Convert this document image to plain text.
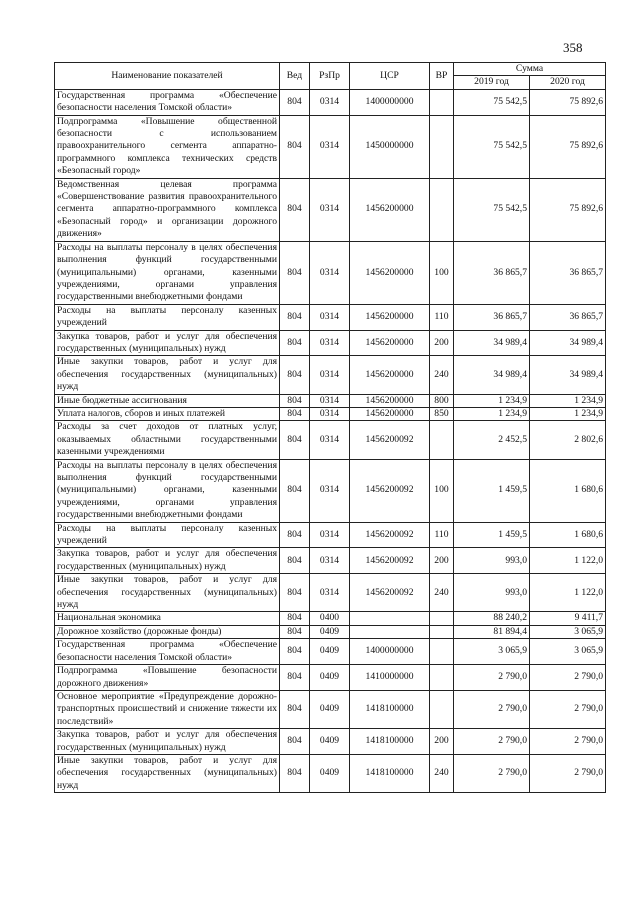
358
Наименование показателей	Вед	РзПр	ЦСР	ВР	Сумма	
					2019 год	2020 год
Государственная программа «Обеспечение безопасности населения Томской области»	804	0314	1400000000		75 542,5	75 892,6
Подпрограмма «Повышение общественной безопасности с использованием правоохранительного сегмента аппаратно-программного комплекса технических средств «Безопасный город»	804	0314	1450000000		75 542,5	75 892,6
Ведомственная целевая программа «Совершенствование развития правоохранительного сегмента аппаратно-программного комплекса «Безопасный город» и организации дорожного движения»	804	0314	1456200000		75 542,5	75 892,6
Расходы на выплаты персоналу в целях обеспечения выполнения функций государственными (муниципальными) органами, казенными учреждениями, органами управления государственными внебюджетными фондами	804	0314	1456200000	100	36 865,7	36 865,7
Расходы на выплаты персоналу казенных учреждений	804	0314	1456200000	110	36 865,7	36 865,7
Закупка товаров, работ и услуг для обеспечения государственных (муниципальных) нужд	804	0314	1456200000	200	34 989,4	34 989,4
Иные закупки товаров, работ и услуг для обеспечения государственных (муниципальных) нужд	804	0314	1456200000	240	34 989,4	34 989,4
Иные бюджетные ассигнования	804	0314	1456200000	800	1 234,9	1 234,9
Уплата налогов, сборов и иных платежей	804	0314	1456200000	850	1 234,9	1 234,9
Расходы за счет доходов от платных услуг, оказываемых областными государственными казенными учреждениями	804	0314	1456200092		2 452,5	2 802,6
Расходы на выплаты персоналу в целях обеспечения выполнения функций государственными (муниципальными) органами, казенными учреждениями, органами управления государственными внебюджетными фондами	804	0314	1456200092	100	1 459,5	1 680,6
Расходы на выплаты персоналу казенных учреждений	804	0314	1456200092	110	1 459,5	1 680,6
Закупка товаров, работ и услуг для обеспечения государственных (муниципальных) нужд	804	0314	1456200092	200	993,0	1 122,0
Иные закупки товаров, работ и услуг для обеспечения государственных (муниципальных) нужд	804	0314	1456200092	240	993,0	1 122,0
Национальная экономика	804	0400			88 240,2	9 411,7
Дорожное хозяйство (дорожные фонды)	804	0409			81 894,4	3 065,9
Государственная программа «Обеспечение безопасности населения Томской области»	804	0409	1400000000		3 065,9	3 065,9
Подпрограмма «Повышение безопасности дорожного движения»	804	0409	1410000000		2 790,0	2 790,0
Основное мероприятие «Предупреждение дорожно-транспортных происшествий и снижение тяжести их последствий»	804	0409	1418100000		2 790,0	2 790,0
Закупка товаров, работ и услуг для обеспечения государственных (муниципальных) нужд	804	0409	1418100000	200	2 790,0	2 790,0
Иные закупки товаров, работ и услуг для обеспечения государственных (муниципальных) нужд	804	0409	1418100000	240	2 790,0	2 790,0
